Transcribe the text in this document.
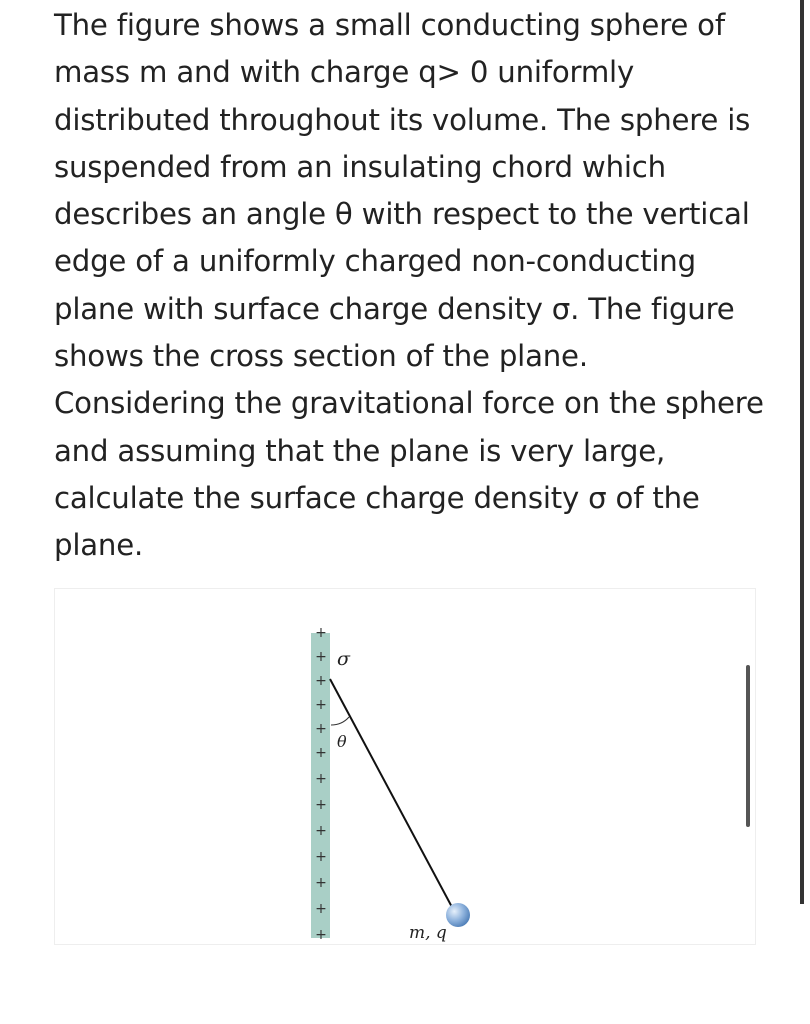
The figure shows a small conducting sphere of mass m and with charge q> 0 uniformly distributed throughout its volume. The sphere is suspended from an insulating chord which describes an angle θ with respect to the vertical edge of a uniformly charged non-conducting plane with surface charge density σ. The figure shows the cross section of the plane. Considering the gravitational force on the sphere and assuming that the plane is very large, calculate the surface charge density σ of the plane.

+
+
+
+
+
+
+
+
+
+
+
+
+
σ
θ
m, q
